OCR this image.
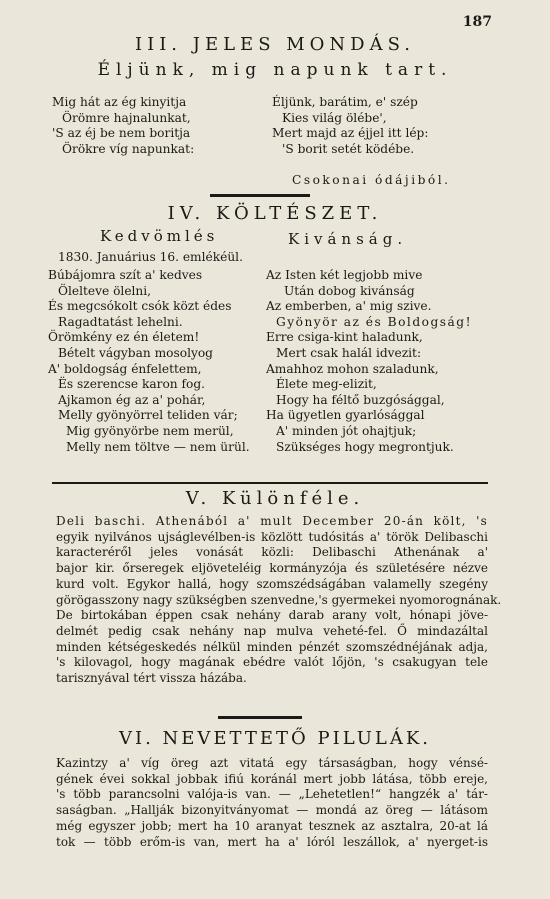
187
III. JELES MONDÁS.
Éljünk, mig napunk tart.
Mig hát az ég kinyitja
Örömre hajnalunkat,
'S az éj be nem boritja
Örökre víg napunkat:
Éljünk, barátim, e' szép
Kies világ ölébe',
Mert majd az éjjel itt lép:
'S borit setét ködébe.
Csokonai ódájiból.
IV. KÖLTÉSZET.
Kedvömlés	Kivánság.
1830. Januárius 16. emlékéül.
Búbájomra szít a' kedves
Ölelteve ölelni,
És megcsókolt csók közt édes
Ragadtatást lehelni.
Örömkény ez én életem!
Bételt vágyban mosolyog
A' boldogság énfelettem,
Ës szerencse karon fog.
Ajkamon ég az a' pohár,
Melly gyönyörrel teliden vár;
Mig gyönyörbe nem merül,
Melly nem töltve — nem ürül.
Az Isten két legjobb mive
Után dobog kivánság
Az emberben, a' mig szive.
Gyönyör az és Boldogság!
Erre csiga-kint haladunk,
Mert csak halál idvezit:
Amahhoz mohon szaladunk,
Élete meg-elizit,
Hogy ha féltő buzgósággal,
Ha ügyetlen gyarlósággal
A' minden jót ohajtjuk;
Szükséges hogy megrontjuk.
V. Különféle.
Deli baschi. Athenából a' mult December 20-án költ, 's
egyik nyilvános ujságlevélben-is közlött tudósitás a' török Delibaschi
karacteréről jeles vonását közli: Delibaschi Athenának a'
bajor kir. őrseregek eljöveteléig kormányzója és születésére nézve
kurd volt. Egykor hallá, hogy szomszédságában valamelly szegény
görögasszony nagy szükségben szenvedne,'s gyermekei nyomorognának.
De birtokában éppen csak nehány darab arany volt, hónapi jöve-
delmét pedig csak nehány nap mulva veheté-fel. Ő mindazáltal
minden kétségeskedés nélkül minden pénzét szomszédnéjának adja,
's kilovagol, hogy magának ebédre valót lőjön, 's csakugyan tele
tarisznyával tért vissza házába.
VI. NEVETTETŐ PILULÁK.
Kazintzy a' víg öreg azt vitatá egy társaságban, hogy vénsé-
gének évei sokkal jobbak ifiú koránál mert jobb látása, több ereje,
's több parancsolni valója-is van. — „Lehetetlen!“ hangzék a' tár-
saságban. „Hallják bizonyitványomat — mondá az öreg — látásom
még egyszer jobb; mert ha 10 aranyat tesznek az asztalra, 20-at lá
tok — több erőm-is van, mert ha a' lóról leszállok, a' nyerget-is
